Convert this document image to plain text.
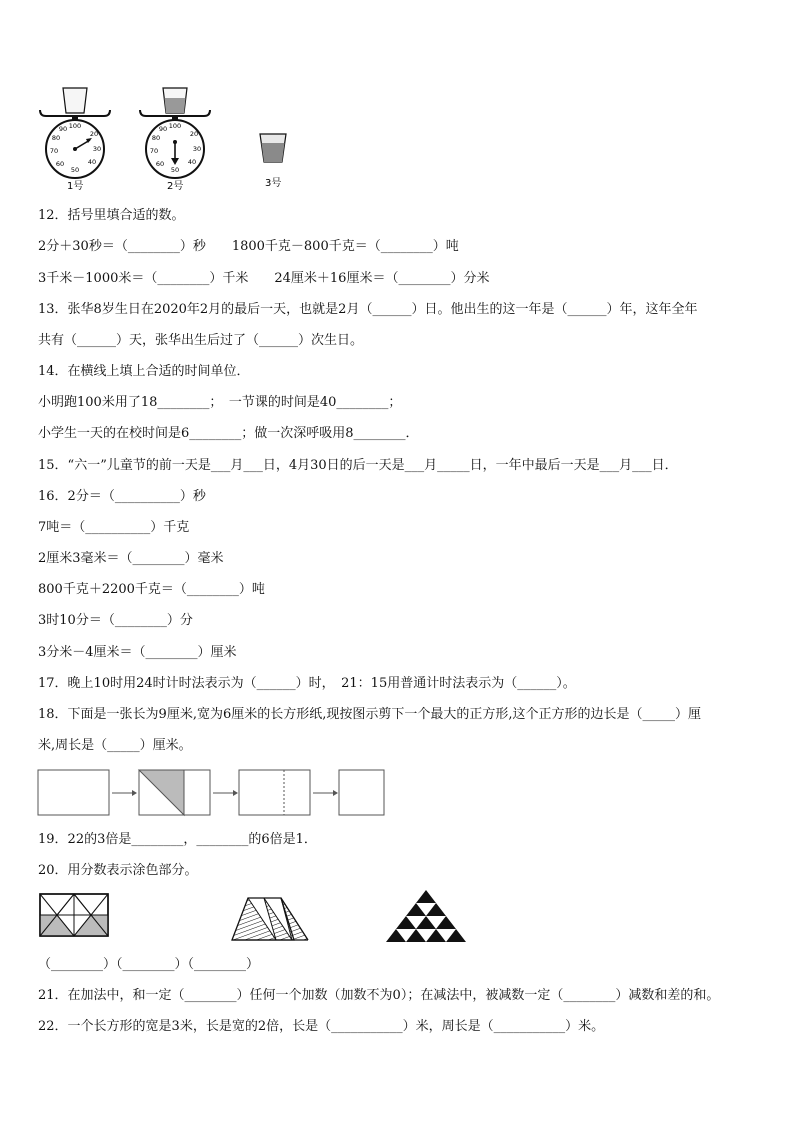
100
20
30
40
50
60
70
80
90
1号
100
20
30
40
50
60
70
80
90
2号	3号
12．括号里填合适的数。
2分＋30秒＝（________）秒　　1800千克－800千克＝（________）吨
3千米－1000米＝（________）千米　　24厘米＋16厘米＝（________）分米
13．张华8岁生日在2020年2月的最后一天，也就是2月（______）日。他出生的这一年是（______）年，这年全年
共有（______）天，张华出生后过了（______）次生日。
14．在横线上填上合适的时间单位．
小明跑100米用了18________；　一节课的时间是40________；
小学生一天的在校时间是6________；做一次深呼吸用8________．
15．“六一”儿童节的前一天是___月___日，4月30日的后一天是___月_____日，一年中最后一天是___月___日．
16．2分＝（__________）秒
7吨＝（__________）千克
2厘米3毫米＝（________）毫米
800千克＋2200千克＝（________）吨
3时10分＝（________）分
3分米－4厘米＝（________）厘米
17．晚上10时用24时计时法表示为（______）时，　21：15用普通计时法表示为（______）。
18．下面是一张长为9厘米,宽为6厘米的长方形纸,现按图示剪下一个最大的正方形,这个正方形的边长是（_____）厘
米,周长是（_____）厘米。
19．22的3倍是________，________的6倍是1．
20．用分数表示涂色部分。
（________）（________）（________）
21．在加法中，和一定（________）任何一个加数（加数不为0）；在减法中，被减数一定（________）减数和差的和。
22．一个长方形的宽是3米，长是宽的2倍，长是（___________）米，周长是（___________）米。
